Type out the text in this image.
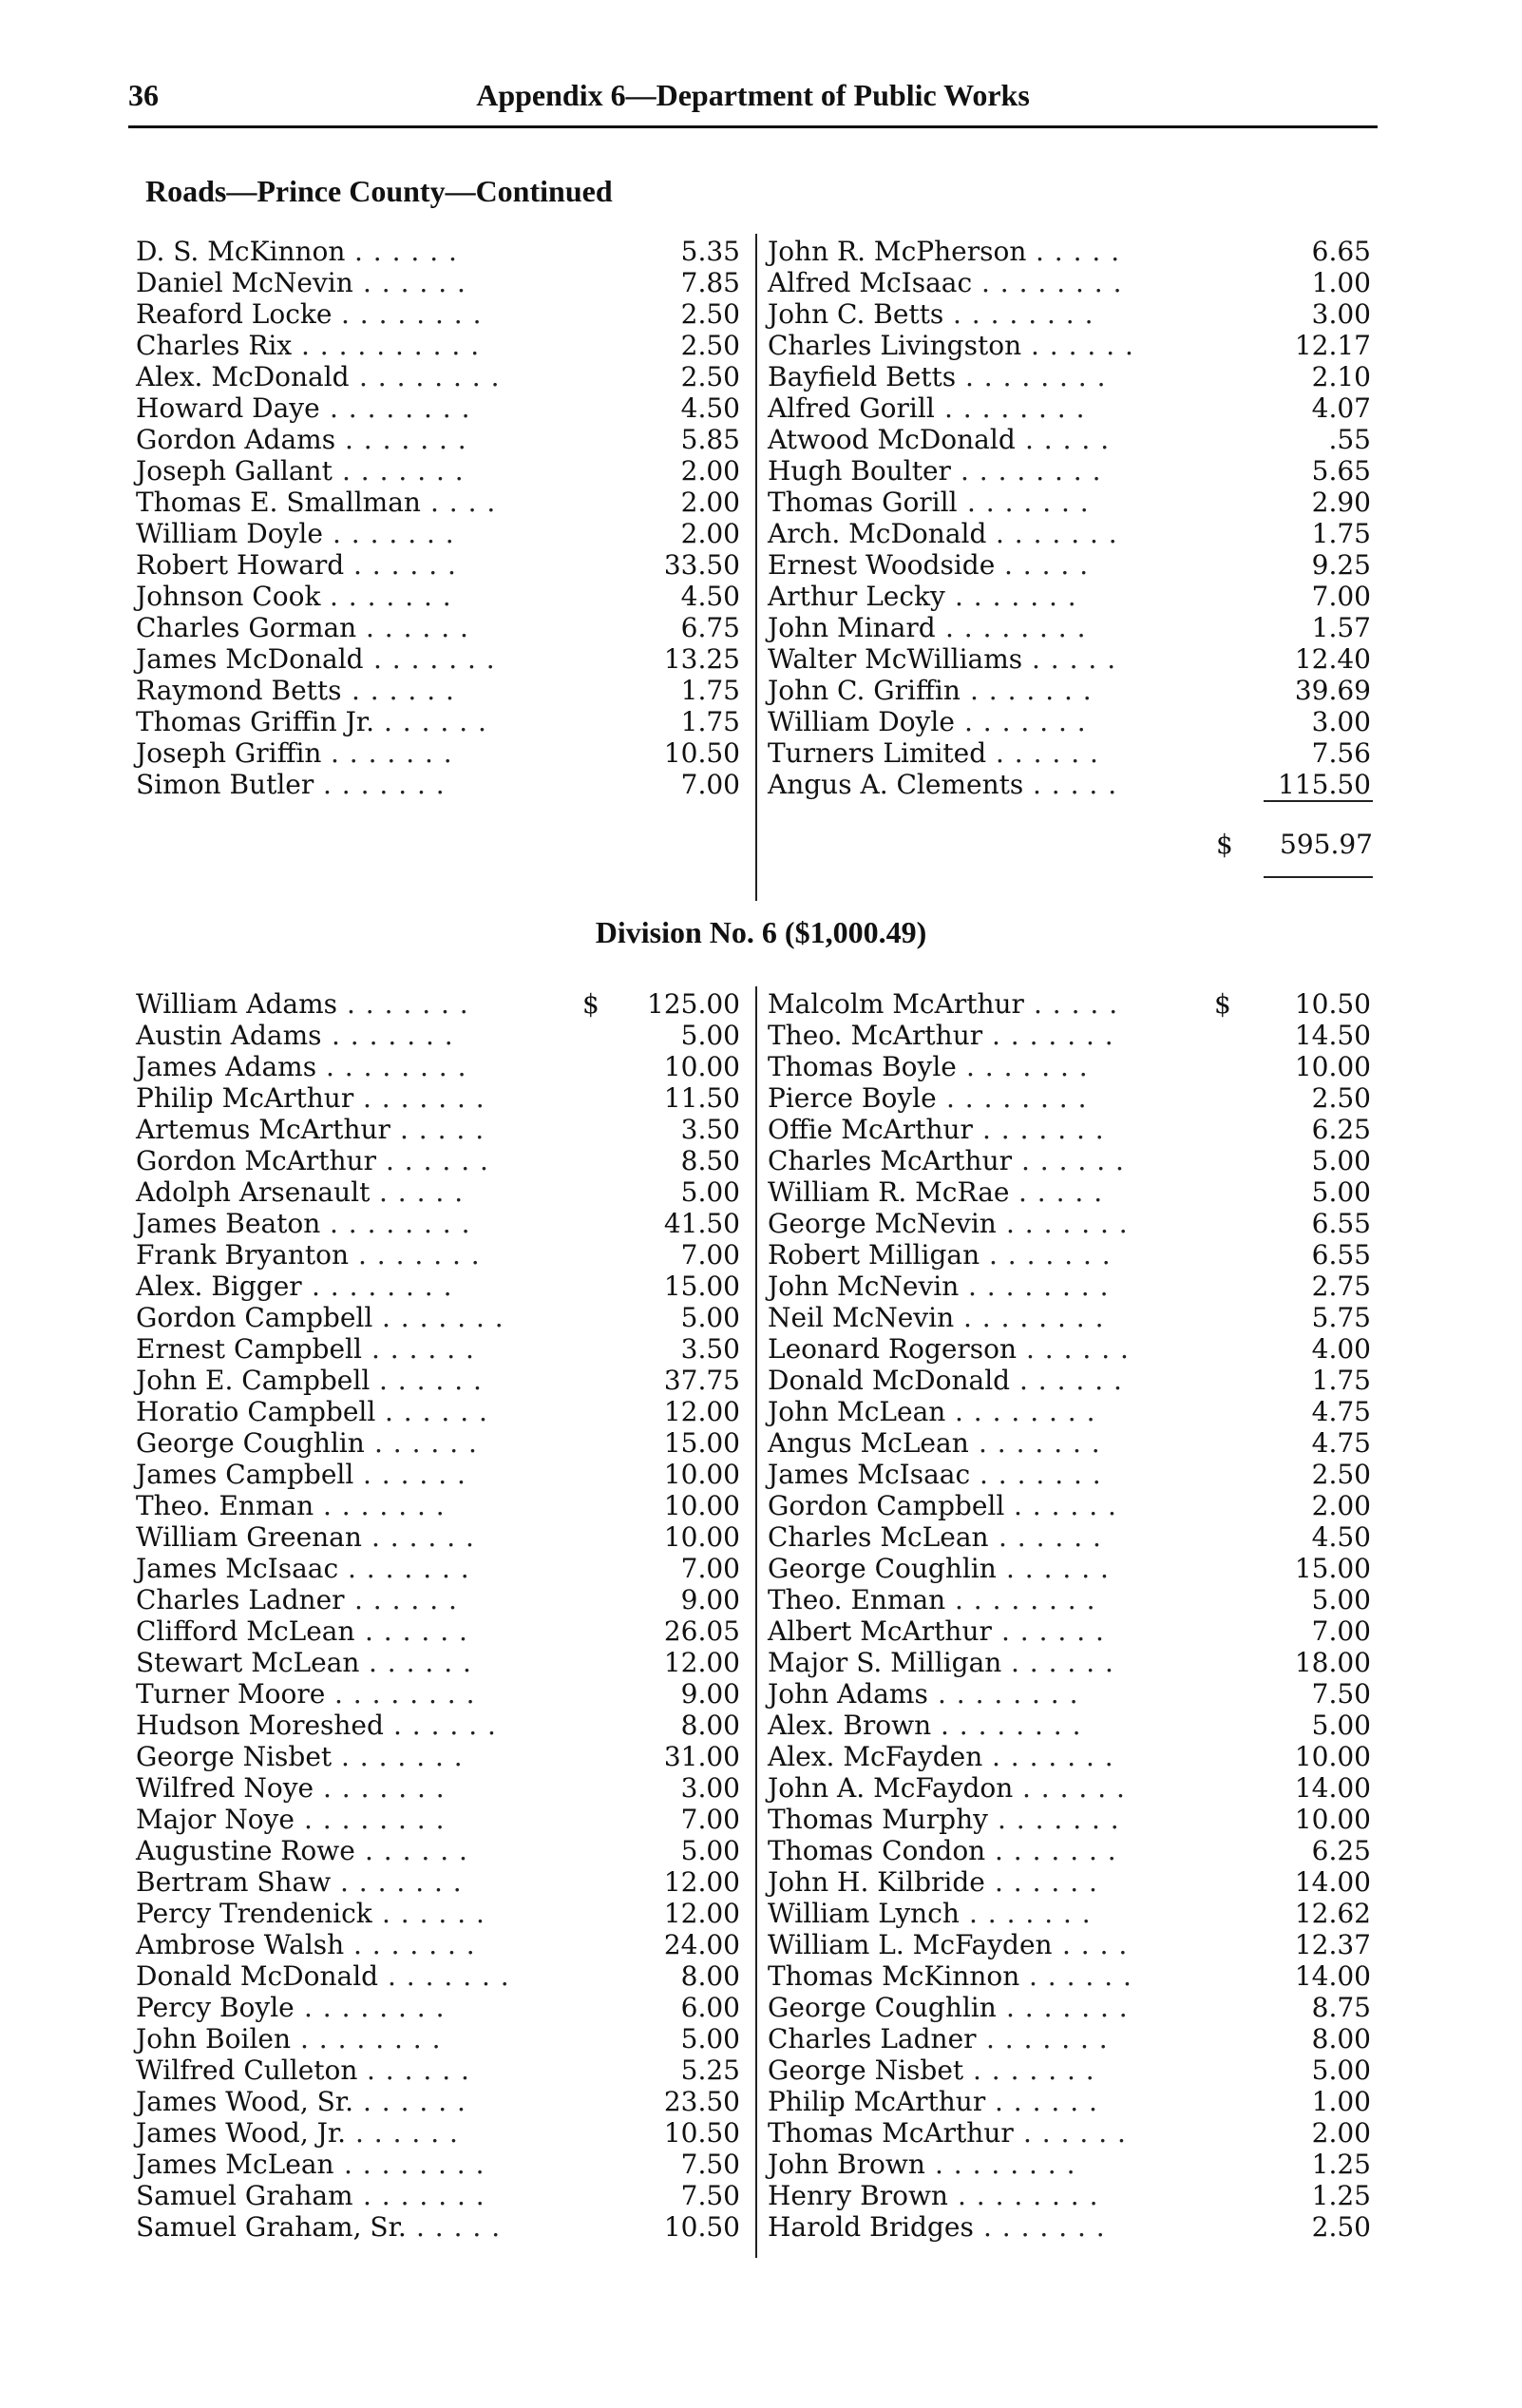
36	Appendix 6—Department of Public Works
Roads—Prince County—Continued
D. S. McKinnon . . . . . .	5.35
Daniel McNevin . . . . . .	7.85
Reaford Locke . . . . . . . .	2.50
Charles Rix . . . . . . . . . .	2.50
Alex. McDonald . . . . . . . .	2.50
Howard Daye . . . . . . . .	4.50
Gordon Adams . . . . . . .	5.85
Joseph Gallant . . . . . . .	2.00
Thomas E. Smallman . . . .	2.00
William Doyle . . . . . . .	2.00
Robert Howard . . . . . .	33.50
Johnson Cook . . . . . . .	4.50
Charles Gorman . . . . . .	6.75
James McDonald . . . . . . .	13.25
Raymond Betts . . . . . .	1.75
Thomas Griffin Jr. . . . . . .	1.75
Joseph Griffin . . . . . . .	10.50
Simon Butler . . . . . . .	7.00
John R. McPherson . . . . .	6.65
Alfred McIsaac . . . . . . . .	1.00
John C. Betts . . . . . . . .	3.00
Charles Livingston . . . . . .	12.17
Bayfield Betts . . . . . . . .	2.10
Alfred Gorill . . . . . . . .	4.07
Atwood McDonald . . . . .	.55
Hugh Boulter . . . . . . . .	5.65
Thomas Gorill . . . . . . .	2.90
Arch. McDonald . . . . . . .	1.75
Ernest Woodside . . . . .	9.25
Arthur Lecky . . . . . . .	7.00
John Minard . . . . . . . .	1.57
Walter McWilliams . . . . .	12.40
John C. Griffin . . . . . . .	39.69
William Doyle . . . . . . .	3.00
Turners Limited . . . . . .	7.56
Angus A. Clements . . . . .	115.50
$ 595.97
Division No. 6 ($1,000.49)
William Adams . . . . . . .	$ 125.00
Austin Adams . . . . . . .	5.00
James Adams . . . . . . . .	10.00
Philip McArthur . . . . . . .	11.50
Artemus McArthur . . . . .	3.50
Gordon McArthur . . . . . .	8.50
Adolph Arsenault . . . . .	5.00
James Beaton . . . . . . . .	41.50
Frank Bryanton . . . . . . .	7.00
Alex. Bigger . . . . . . . .	15.00
Gordon Campbell . . . . . . .	5.00
Ernest Campbell . . . . . .	3.50
John E. Campbell . . . . . .	37.75
Horatio Campbell . . . . . .	12.00
George Coughlin . . . . . .	15.00
James Campbell . . . . . .	10.00
Theo. Enman . . . . . . .	10.00
William Greenan . . . . . .	10.00
James McIsaac . . . . . . .	7.00
Charles Ladner . . . . . .	9.00
Clifford McLean . . . . . .	26.05
Stewart McLean . . . . . .	12.00
Turner Moore . . . . . . . .	9.00
Hudson Moreshed . . . . . .	8.00
George Nisbet . . . . . . .	31.00
Wilfred Noye . . . . . . .	3.00
Major Noye . . . . . . . .	7.00
Augustine Rowe . . . . . .	5.00
Bertram Shaw . . . . . . .	12.00
Percy Trendenick . . . . . .	12.00
Ambrose Walsh . . . . . . .	24.00
Donald McDonald . . . . . . .	8.00
Percy Boyle . . . . . . . .	6.00
John Boilen . . . . . . . .	5.00
Wilfred Culleton . . . . . .	5.25
James Wood, Sr. . . . . . .	23.50
James Wood, Jr. . . . . . .	10.50
James McLean . . . . . . . .	7.50
Samuel Graham . . . . . . .	7.50
Samuel Graham, Sr. . . . . .	10.50
Malcolm McArthur . . . . .	$ 10.50
Theo. McArthur . . . . . . .	14.50
Thomas Boyle . . . . . . .	10.00
Pierce Boyle . . . . . . . .	2.50
Offie McArthur . . . . . . .	6.25
Charles McArthur . . . . . .	5.00
William R. McRae . . . . .	5.00
George McNevin . . . . . . .	6.55
Robert Milligan . . . . . . .	6.55
John McNevin . . . . . . . .	2.75
Neil McNevin . . . . . . . .	5.75
Leonard Rogerson . . . . . .	4.00
Donald McDonald . . . . . .	1.75
John McLean . . . . . . . .	4.75
Angus McLean . . . . . . .	4.75
James McIsaac . . . . . . .	2.50
Gordon Campbell . . . . . .	2.00
Charles McLean . . . . . .	4.50
George Coughlin . . . . . .	15.00
Theo. Enman . . . . . . . .	5.00
Albert McArthur . . . . . .	7.00
Major S. Milligan . . . . . .	18.00
John Adams . . . . . . . .	7.50
Alex. Brown . . . . . . . .	5.00
Alex. McFayden . . . . . . .	10.00
John A. McFaydon . . . . . .	14.00
Thomas Murphy . . . . . . .	10.00
Thomas Condon . . . . . . .	6.25
John H. Kilbride . . . . . .	14.00
William Lynch . . . . . . .	12.62
William L. McFayden . . . .	12.37
Thomas McKinnon . . . . . .	14.00
George Coughlin . . . . . . .	8.75
Charles Ladner . . . . . . .	8.00
George Nisbet . . . . . . .	5.00
Philip McArthur . . . . . .	1.00
Thomas McArthur . . . . . .	2.00
John Brown . . . . . . . .	1.25
Henry Brown . . . . . . . .	1.25
Harold Bridges . . . . . . .	2.50
